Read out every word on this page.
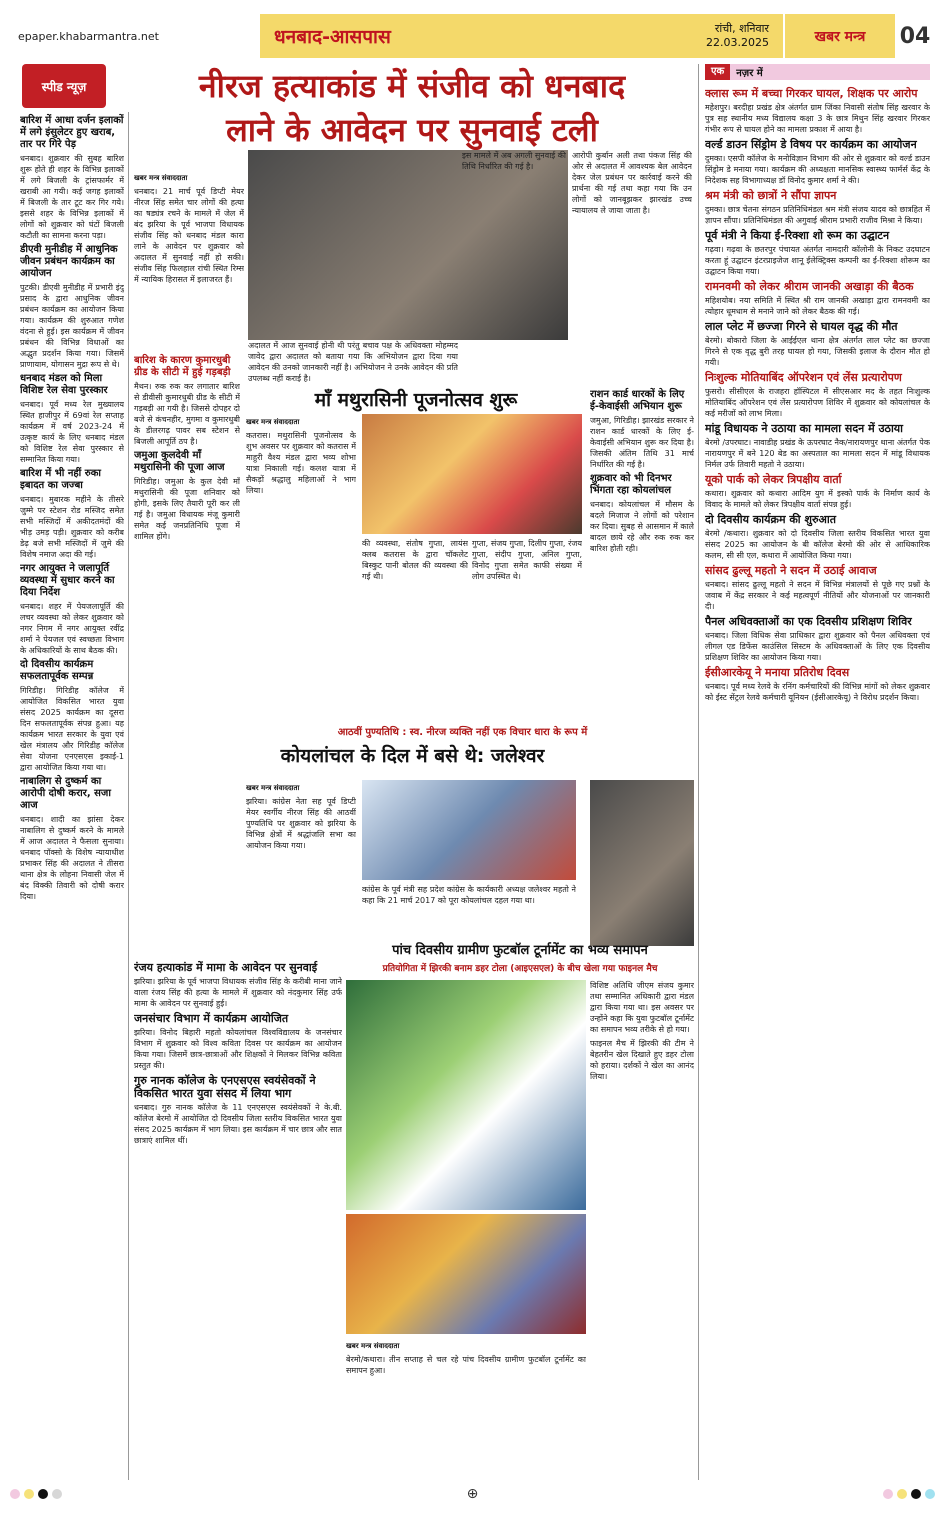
epaper.khabarmantra.net	धनबाद-आसपास	रांची, शनिवार
22.03.2025	खबर मन्त्र	04
स्पीड न्यूज़	नीरज हत्याकांड में संजीव को धनबाद
लाने के आवेदन पर सुनवाई टली
बारिश में आधा दर्जन इलाकों में लगे इंसुलेटर हुए खराब, तार पर गिरे पेड़
धनबाद। शुक्रवार की सुबह बारिश शुरू होते ही शहर के विभिन्न इलाकों में लगे बिजली के ट्रांसफार्मर में खराबी आ गयी। कई जगह इलाकों में बिजली के तार टूट कर गिर गये। इससे शहर के विभिन्न इलाकों में लोगों को शुक्रवार को घंटों बिजली कटौती का सामना करना पड़ा।
डीएवी मुनीडीह में आधुनिक जीवन प्रबंधन कार्यक्रम का आयोजन
पुटकी। डीएवी मुनीडीह में प्रभारी इंदु प्रसाद के द्वारा आधुनिक जीवन प्रबंधन कार्यक्रम का आयोजन किया गया। कार्यक्रम की शुरुआत गणेश वंदना से हुई। इस कार्यक्रम में जीवन प्रबंधन की विभिन्न विधाओं का अद्भुत प्रदर्शन किया गया। जिसमें प्राणायाम, योगासन मुद्रा रूप से थे।
धनबाद मंडल को मिला विशिष्ट रेल सेवा पुरस्कार
धनबाद। पूर्व मध्य रेल मुख्यालय स्थित हाजीपुर में 69वां रेल सप्ताह कार्यक्रम में वर्ष 2023-24 में उत्कृष्ट कार्य के लिए धनबाद मंडल को विशिष्ट रेल सेवा पुरस्कार से सम्मानित किया गया।
बारिश में भी नहीं रुका इबादत का जज्बा
धनबाद। मुबारक महीने के तीसरे जुम्मे पर स्टेशन रोड मस्जिद समेत सभी मस्जिदों में अकीदतमंदों की भीड़ उमड़ पड़ी। शुक्रवार को करीब डेढ़ बजे सभी मस्जिदों में जुमे की विशेष नमाज अदा की गई।
नगर आयुक्त ने जलापूर्ति व्यवस्था में सुधार करने का दिया निर्देश
धनबाद। शहर में पेयजलापूर्ति की लचर व्यवस्था को लेकर शुक्रवार को नगर निगम में नगर आयुक्त रवींद्र शर्मा ने पेयजल एवं स्वच्छता विभाग के अधिकारियों के साथ बैठक की।
दो दिवसीय कार्यक्रम सफलतापूर्वक सम्पन्न
गिरिडीह। गिरिडीह कॉलेज में आयोजित विकसित भारत युवा संसद 2025 कार्यक्रम का दूसरा दिन सफलतापूर्वक संपन्न हुआ। यह कार्यक्रम भारत सरकार के युवा एवं खेल मंत्रालय और गिरिडीह कॉलेज सेवा योजना एनएसएस इकाई-1 द्वारा आयोजित किया गया था।
नाबालिग से दुष्कर्म का आरोपी दोषी करार, सजा आज
धनबाद। शादी का झांसा देकर नाबालिग से दुष्कर्म करने के मामले में आज अदालत ने फैसला सुनाया। धनबाद पॉक्सो के विशेष न्यायाधीश प्रभाकर सिंह की अदालत ने तीसरा थाना क्षेत्र के लोहना निवासी जेल में बंद विक्की तिवारी को दोषी करार दिया।
खबर मन्त्र संवाददाता
धनबाद। 21 मार्च पूर्व डिप्टी मेयर नीरज सिंह समेत चार लोगों की हत्या का षड्यंत्र रचने के मामले में जेल में बंद झरिया के पूर्व भाजपा विधायक संजीव सिंह को धनबाद मंडल कारा लाने के आवेदन पर शुक्रवार को अदालत में सुनवाई नहीं हो सकी। संजीव सिंह फिलहाल रांची स्थित रिम्स में न्यायिक हिरासत में इलाजरत हैं।
अदालत में आज सुनवाई होनी थी परंतु बचाव पक्ष के अधिवक्ता मोहम्मद जावेद द्वारा अदालत को बताया गया कि अभियोजन द्वारा दिया गया आवेदन की उनको जानकारी नहीं है। अभियोजन ने उनके आवेदन की प्रति उपलब्ध नहीं कराई है।
इस मामले में अब अगली सुनवाई की तिथि निर्धारित की गई है।
आरोपी कुर्बान अली तथा पंकज सिंह की ओर से अदालत में आवश्यक बेल आवेदन देकर जेल प्रबंधन पर कार्रवाई करने की प्रार्थना की गई तथा कहा गया कि उन लोगों को जानबूझकर झारखंड उच्च न्यायालय ले जाया जाता है।
बारिश के कारण कुमारधुबी ग्रीड के सीटी में हुई गड़बड़ी
मैथन। रुक रुक कर लगातार बारिश से डीवीसी कुमारधुबी ग्रीड के सीटी में गड़बड़ी आ गयी है। जिससे दोपहर दो बजे से कंचनहीर, मुगमा व कुमारधुबी के डीलरगढ़ पावर सब स्टेशन से बिजली आपूर्ति ठप है।
जमुआ कुलदेवी माँ मथुरासिनी की पूजा आज
गिरिडीह। जमुआ के कुल देवी माँ मथुरासिनी की पूजा शनिवार को होगी, इसके लिए तैयारी पूरी कर ली गई है। जमुआ विधायक मंजू कुमारी समेत कई जनप्रतिनिधि पूजा में शामिल होंगे।
माँ मथुरासिनी पूजनोत्सव शुरू
खबर मन्त्र संवाददाता
कतरास। मथुरासिनी पूजनोत्सव के शुभ अवसर पर शुक्रवार को कतरास में माहुरी वैश्य मंडल द्वारा भव्य शोभा यात्रा निकाली गई। कलश यात्रा में सैकड़ों श्रद्धालु महिलाओं ने भाग लिया।
की व्यवस्था, संतोष गुप्ता, लायंस क्लब कतरास के द्वारा चॉकलेट बिस्कुट पानी बोतल की व्यवस्था की गई थी।
गुप्ता, संजय गुप्ता, दिलीप गुप्ता, रंजय गुप्ता, संदीप गुप्ता, अनिल गुप्ता, विनोद गुप्ता समेत काफी संख्या में लोग उपस्थित थे।
राशन कार्ड धारकों के लिए ई-केवाईसी अभियान शुरू
जमुआ, गिरिडीह। झारखंड सरकार ने राशन कार्ड धारकों के लिए ई-केवाईसी अभियान शुरू कर दिया है। जिसकी अंतिम तिथि 31 मार्च निर्धारित की गई है।
शुक्रवार को भी दिनभर भिंगता रहा कोयलांचल
धनबाद। कोयलांचल में मौसम के बदले मिजाज ने लोगों को परेशान कर दिया। सुबह से आसमान में काले बादल छाये रहे और रुक रुक कर बारिश होती रही।
आठवीं पुण्यतिथि : स्व. नीरज व्यक्ति नहीं एक विचार धारा के रूप में
कोयलांचल के दिल में बसे थे: जलेश्वर
खबर मन्त्र संवाददाता
झरिया। कांग्रेस नेता सह पूर्व डिप्टी मेयर स्वर्गीय नीरज सिंह की आठवीं पुण्यतिथि पर शुक्रवार को झरिया के विभिन्न क्षेत्रों में श्रद्धांजलि सभा का आयोजन किया गया।
कांग्रेस के पूर्व मंत्री सह प्रदेश कांग्रेस के कार्यकारी अध्यक्ष जलेश्वर महतो ने कहा कि 21 मार्च 2017 को पूरा कोयलांचल दहल गया था।
रंजय हत्याकांड में मामा के आवेदन पर सुनवाई
झरिया। झरिया के पूर्व भाजपा विधायक संजीव सिंह के करीबी माना जाने वाला रंजय सिंह की हत्या के मामले में शुक्रवार को नंदकुमार सिंह उर्फ मामा के आवेदन पर सुनवाई हुई।
जनसंचार विभाग में कार्यक्रम आयोजित
झरिया। विनोद बिहारी महतो कोयलांचल विश्वविद्यालय के जनसंचार विभाग में शुक्रवार को विश्व कविता दिवस पर कार्यक्रम का आयोजन किया गया। जिसमें छात्र-छात्राओं और शिक्षकों ने मिलकर विभिन्न कविता प्रस्तुत की।
गुरु नानक कॉलेज के एनएसएस स्वयंसेवकों ने विकसित भारत युवा संसद में लिया भाग
धनबाद। गुरु नानक कॉलेज के 11 एनएसएस स्वयंसेवकों ने के.बी. कॉलेज बेरमो में आयोजित दो दिवसीय जिला स्तरीय विकसित भारत युवा संसद 2025 कार्यक्रम में भाग लिया। इस कार्यक्रम में चार छात्र और सात छात्राएं शामिल थीं।
पांच दिवसीय ग्रामीण फुटबॉल टूर्नामेंट का भव्य समापन
प्रतियोगिता में झिरकी बनाम डहर टोला (आइएसएल) के बीच खेला गया फाइनल मैच
विशिष्ट अतिथि जीएम संजय कुमार तथा सम्मानित अधिकारी द्वारा मंडल द्वारा किया गया था। इस अवसर पर उन्होंने कहा कि युवा फुटबॉल टूर्नामेंट का समापन भव्य तरीके से हो गया।
फाइनल मैच में झिरकी की टीम ने बेहतरीन खेल दिखाते हुए डहर टोला को हराया। दर्शकों ने खेल का आनंद लिया।
खबर मन्त्र संवाददाता
बेरमो/कथारा। तीन सप्ताह से चल रहे पांच दिवसीय ग्रामीण फुटबॉल टूर्नामेंट का समापन हुआ।
एक	नज़र में
क्लास रूम में बच्चा गिरकर घायल, शिक्षक पर आरोप
महेशपुर। बरदीहा प्रखंड क्षेत्र अंतर्गत ग्राम जिंका निवासी संतोष सिंह खरवार के पुत्र सह स्थानीय मध्य विद्यालय कक्षा 3 के छात्र मिथुन सिंह खरवार गिरकर गंभीर रूप से घायल होने का मामला प्रकाश में आया है।
वर्ल्ड डाउन सिंड्रोम डे विषय पर कार्यक्रम का आयोजन
दुमका। एसपी कॉलेज के मनोविज्ञान विभाग की ओर से शुक्रवार को वर्ल्ड डाउन सिंड्रोम डे मनाया गया। कार्यक्रम की अध्यक्षता मानसिक स्वास्थ्य फार्मर्स केंद्र के निदेशक सह विभागाध्यक्ष डॉ विनोद कुमार शर्मा ने की।
श्रम मंत्री को छात्रों ने सौंपा ज्ञापन
दुमका। छात्र चेतना संगठन प्रतिनिधिमंडल श्रम मंत्री संजय यादव को छात्रहित में ज्ञापन सौंपा। प्रतिनिधिमंडल की अगुवाई श्रीराम प्रभारी राजीव मिश्रा ने किया।
पूर्व मंत्री ने किया ई-रिक्शा शो रूम का उद्घाटन
गढ़वा। गढ़वा के छतरपुर पंचायत अंतर्गत नामदारी कॉलोनी के निकट उदघाटन करता हूं उद्घाटन इंटरप्राइजेज शानू ईलेक्ट्रिक्स कम्पनी का ई-रिक्शा शोरूम का उद्घाटन किया गया।
रामनवमी को लेकर श्रीराम जानकी अखाड़ा की बैठक
महिशयोब। नया समिति में स्थित श्री राम जानकी अखाड़ा द्वारा रामनवमी का त्योहार धूमधाम से मनाने जाने को लेकर बैठक की गई।
लाल प्लेट में छज्जा गिरने से घायल वृद्ध की मौत
बेरमो। बोकारो जिला के आईईएल थाना क्षेत्र अंतर्गत लाल प्लेट का छज्जा गिरने से एक वृद्ध बुरी तरह घायल हो गया, जिसकी इलाज के दौरान मौत हो गयी।
निःशुल्क मोतियाबिंद ऑपरेशन एवं लेंस प्रत्यारोपण
फुसरो। सीसीएल के राजहरा हॉस्पिटल में सीएसआर मद के तहत निःशुल्क मोतियाबिंद ऑपरेशन एवं लेंस प्रत्यारोपण शिविर में शुक्रवार को कोयलांचल के कई मरीजों को लाभ मिला।
मांडू विधायक ने उठाया का मामला सदन में उठाया
बेरमो /उपरघाट। नावाडीह प्रखंड के ऊपरघाट नैक/नारायणपुर थाना अंतर्गत पेक नारायणपुर में बने 120 बेड का अस्पताल का मामला सदन में मांडू विधायक निर्मल उर्फ तिवारी महतो ने उठाया।
यूको पार्क को लेकर त्रिपक्षीय वार्ता
कथारा। शुक्रवार को कथारा आदिम युग में इस्को पार्क के निर्माण कार्य के विवाद के मामले को लेकर त्रिपक्षीय वार्ता संपन्न हुई।
दो दिवसीय कार्यक्रम की शुरुआत
बेरमो /कथारा। शुक्रवार को दो दिवसीय जिला स्तरीय विकसित भारत युवा संसद 2025 का आयोजन के बी कॉलेज बेरमो की ओर से आधिकारिक कलम, सी सी एल, कथारा में आयोजित किया गया।
सांसद ढुल्लू महतो ने सदन में उठाई आवाज
धनबाद। सांसद ढुल्लू महतो ने सदन में विभिन्न मंत्रालयों से पूछे गए प्रश्नों के जवाब में केंद्र सरकार ने कई महत्वपूर्ण नीतियों और योजनाओं पर जानकारी दी।
पैनल अधिवक्ताओं का एक दिवसीय प्रशिक्षण शिविर
धनबाद। जिला विधिक सेवा प्राधिकार द्वारा शुक्रवार को पैनल अधिवक्ता एवं लीगल एड डिफेंस काउंसिल सिस्टम के अधिवक्ताओं के लिए एक दिवसीय प्रशिक्षण शिविर का आयोजन किया गया।
ईसीआरकेयू ने मनाया प्रतिरोध दिवस
धनबाद। पूर्व मध्य रेलवे के रनिंग कर्मचारियों की विभिन्न मांगों को लेकर शुक्रवार को ईस्ट सेंट्रल रेलवे कर्मचारी यूनियन (ईसीआरकेयू) ने विरोध प्रदर्शन किया।
⊕
